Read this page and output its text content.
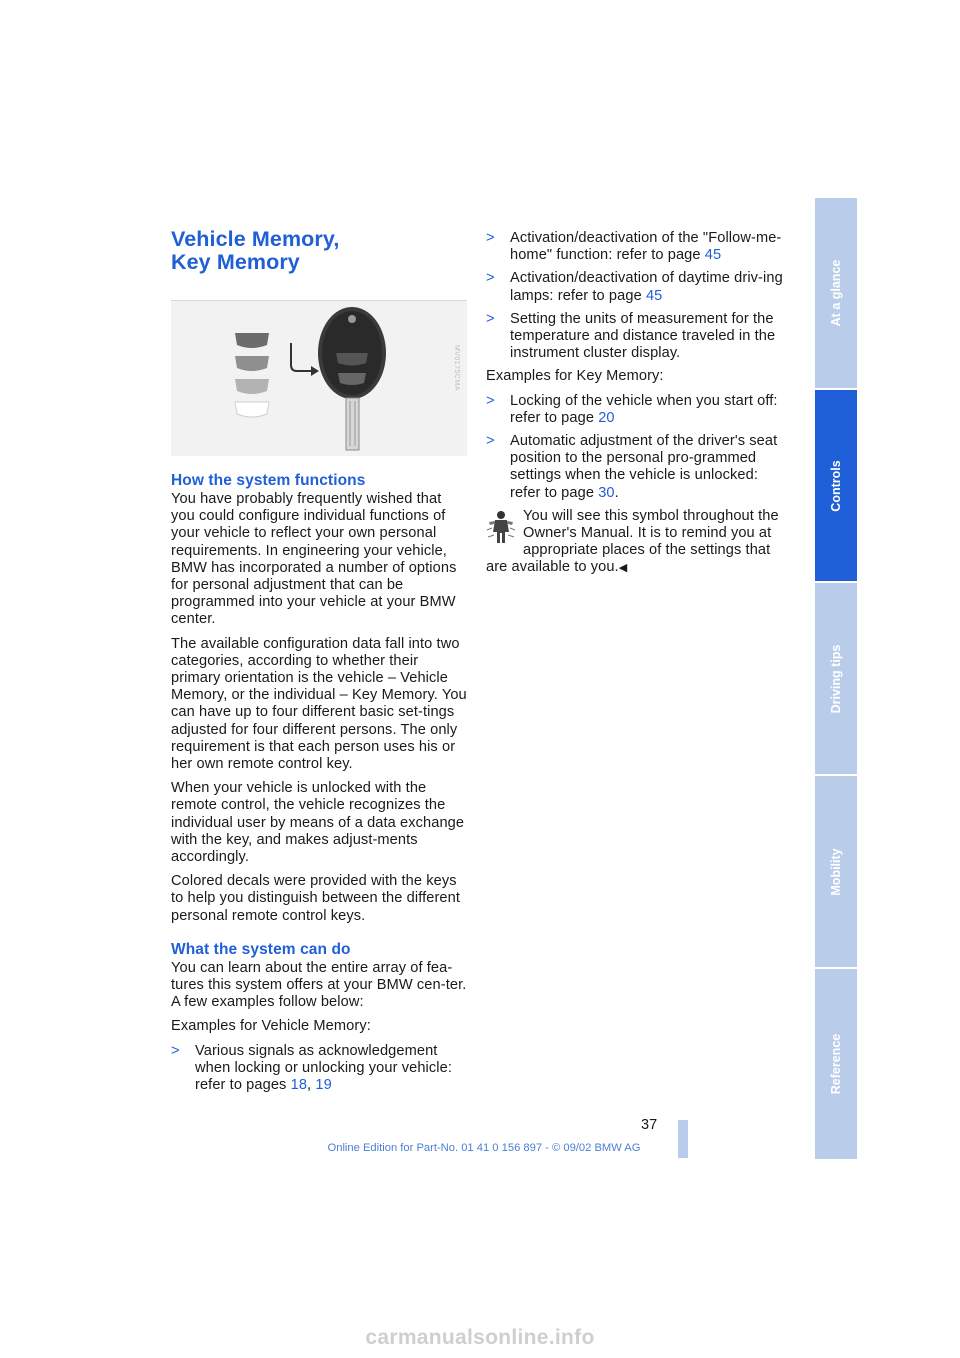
Vehicle Memory,
Key Memory
MV0175CMA
How the system functions

You have probably frequently wished that you could configure individual functions of your vehicle to reflect your own personal requirements. In engineering your vehicle, BMW has incorporated a number of options for personal adjustment that can be programmed into your vehicle at your BMW center.

The available configuration data fall into two categories, according to whether their primary orientation is the vehicle – Vehicle Memory, or the individual – Key Memory. You can have up to four different basic set-tings adjusted for four different persons. The only requirement is that each person uses his or her own remote control key.

When your vehicle is unlocked with the remote control, the vehicle recognizes the individual user by means of a data exchange with the key, and makes adjust-ments accordingly.

Colored decals were provided with the keys to help you distinguish between the different personal remote control keys.

What the system can do

You can learn about the entire array of fea-tures this system offers at your BMW cen-ter. A few examples follow below:

Examples for Vehicle Memory:

> Various signals as acknowledgement when locking or unlocking your vehicle: refer to pages 18, 19
> Activation/deactivation of the "Follow-me-home" function: refer to page 45
> Activation/deactivation of daytime driv-ing lamps: refer to page 45
> Setting the units of measurement for the temperature and distance traveled in the instrument cluster display.

Examples for Key Memory:

> Locking of the vehicle when you start off: refer to page 20
> Automatic adjustment of the driver's seat position to the personal pro-grammed settings when the vehicle is unlocked: refer to page 30.
You will see this symbol throughout the Owner's Manual. It is to remind you at appropriate places of the settings that are available to you.◀
At a glance
Controls
Driving tips
Mobility
Reference
37
Online Edition for Part-No. 01 41 0 156 897 - © 09/02 BMW AG
carmanualsonline.info
